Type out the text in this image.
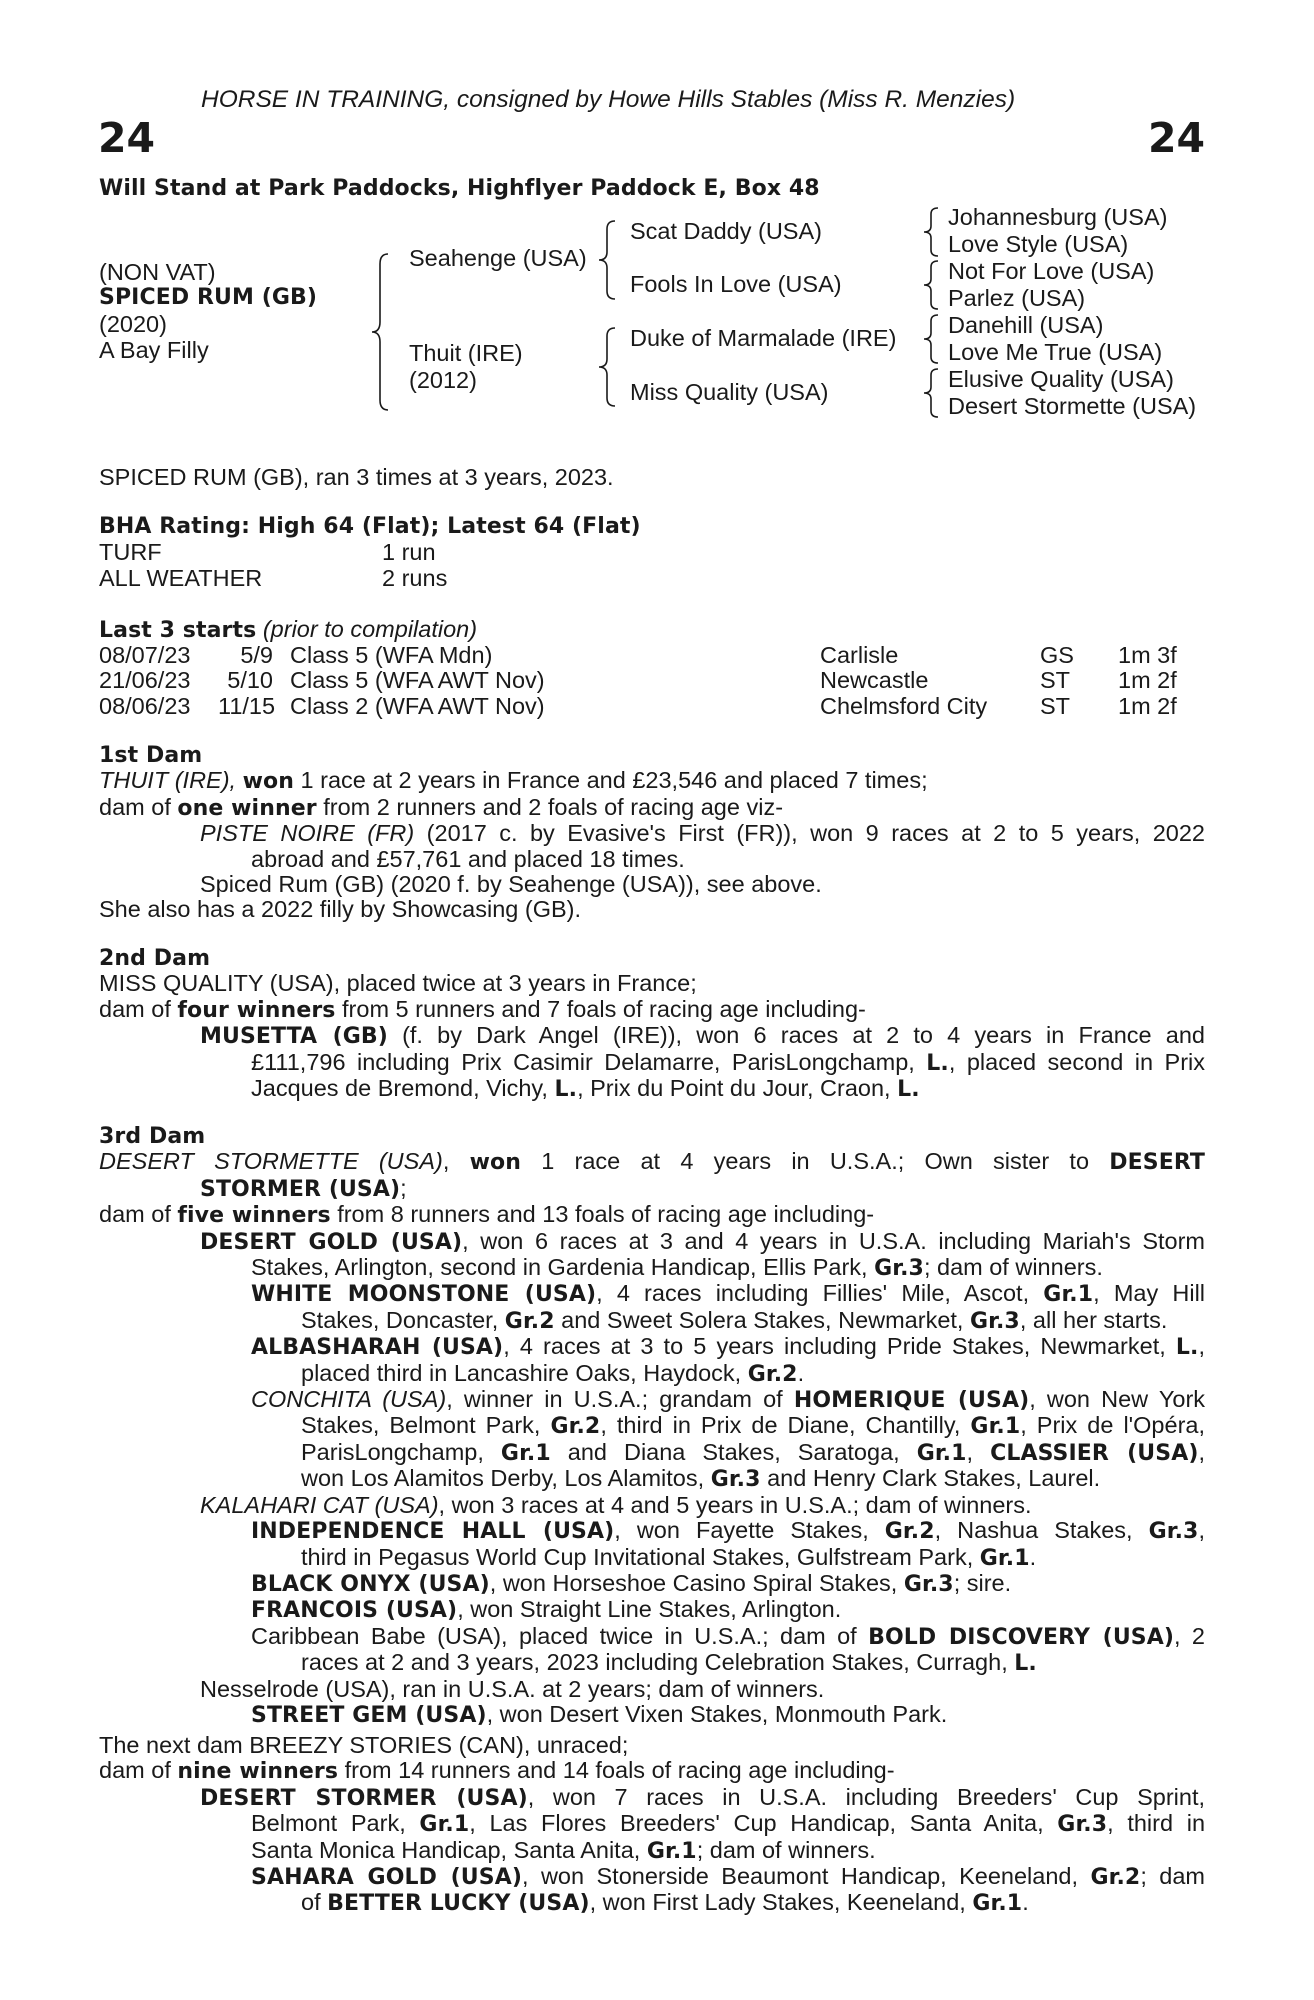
HORSE IN TRAINING, consigned by Howe Hills Stables (Miss R. Menzies)
24	24
Will Stand at Park Paddocks, Highflyer Paddock E, Box 48
(NON VAT)
SPICED RUM (GB)
(2020)
A Bay Filly
Seahenge (USA)
Thuit (IRE)
(2012)
Scat Daddy (USA)
Fools In Love (USA)
Duke of Marmalade (IRE)
Miss Quality (USA)
Johannesburg (USA)
Love Style (USA)
Not For Love (USA)
Parlez (USA)
Danehill (USA)
Love Me True (USA)
Elusive Quality (USA)
Desert Stormette (USA)
SPICED RUM (GB), ran 3 times at 3 years, 2023.
BHA Rating: High 64 (Flat); Latest 64 (Flat)
TURF	1 run
ALL WEATHER	2 runs
Last 3 starts (prior to compilation)
08/07/23	5/9 Class 5 (WFA Mdn)	Carlisle	GS 1m 3f
21/06/23	5/10 Class 5 (WFA AWT Nov)	Newcastle	ST 1m 2f
08/06/23 11/15 Class 2 (WFA AWT Nov)	Chelmsford City ST 1m 2f
1st Dam
THUIT (IRE), won 1 race at 2 years in France and £23,546 and placed 7 times;
dam of one winner from 2 runners and 2 foals of racing age viz-
PISTE NOIRE (FR) (2017 c. by Evasive's First (FR)), won 9 races at 2 to 5 years, 2022
abroad and £57,761 and placed 18 times.
Spiced Rum (GB) (2020 f. by Seahenge (USA)), see above.
She also has a 2022 filly by Showcasing (GB).
2nd Dam
MISS QUALITY (USA), placed twice at 3 years in France;
dam of four winners from 5 runners and 7 foals of racing age including-
MUSETTA (GB) (f. by Dark Angel (IRE)), won 6 races at 2 to 4 years in France and
£111,796 including Prix Casimir Delamarre, ParisLongchamp, L., placed second in Prix
Jacques de Bremond, Vichy, L., Prix du Point du Jour, Craon, L.
3rd Dam
DESERT STORMETTE (USA), won 1 race at 4 years in U.S.A.; Own sister to DESERT
STORMER (USA);
dam of five winners from 8 runners and 13 foals of racing age including-
DESERT GOLD (USA), won 6 races at 3 and 4 years in U.S.A. including Mariah's Storm
Stakes, Arlington, second in Gardenia Handicap, Ellis Park, Gr.3; dam of winners.
WHITE MOONSTONE (USA), 4 races including Fillies' Mile, Ascot, Gr.1, May Hill
Stakes, Doncaster, Gr.2 and Sweet Solera Stakes, Newmarket, Gr.3, all her starts.
ALBASHARAH (USA), 4 races at 3 to 5 years including Pride Stakes, Newmarket, L.,
placed third in Lancashire Oaks, Haydock, Gr.2.
CONCHITA (USA), winner in U.S.A.; grandam of HOMERIQUE (USA), won New York
Stakes, Belmont Park, Gr.2, third in Prix de Diane, Chantilly, Gr.1, Prix de l'Opéra,
ParisLongchamp, Gr.1 and Diana Stakes, Saratoga, Gr.1, CLASSIER (USA),
won Los Alamitos Derby, Los Alamitos, Gr.3 and Henry Clark Stakes, Laurel.
KALAHARI CAT (USA), won 3 races at 4 and 5 years in U.S.A.; dam of winners.
INDEPENDENCE HALL (USA), won Fayette Stakes, Gr.2, Nashua Stakes, Gr.3,
third in Pegasus World Cup Invitational Stakes, Gulfstream Park, Gr.1.
BLACK ONYX (USA), won Horseshoe Casino Spiral Stakes, Gr.3; sire.
FRANCOIS (USA), won Straight Line Stakes, Arlington.
Caribbean Babe (USA), placed twice in U.S.A.; dam of BOLD DISCOVERY (USA), 2
races at 2 and 3 years, 2023 including Celebration Stakes, Curragh, L.
Nesselrode (USA), ran in U.S.A. at 2 years; dam of winners.
STREET GEM (USA), won Desert Vixen Stakes, Monmouth Park.
The next dam BREEZY STORIES (CAN), unraced;
dam of nine winners from 14 runners and 14 foals of racing age including-
DESERT STORMER (USA), won 7 races in U.S.A. including Breeders' Cup Sprint,
Belmont Park, Gr.1, Las Flores Breeders' Cup Handicap, Santa Anita, Gr.3, third in
Santa Monica Handicap, Santa Anita, Gr.1; dam of winners.
SAHARA GOLD (USA), won Stonerside Beaumont Handicap, Keeneland, Gr.2; dam
of BETTER LUCKY (USA), won First Lady Stakes, Keeneland, Gr.1.
